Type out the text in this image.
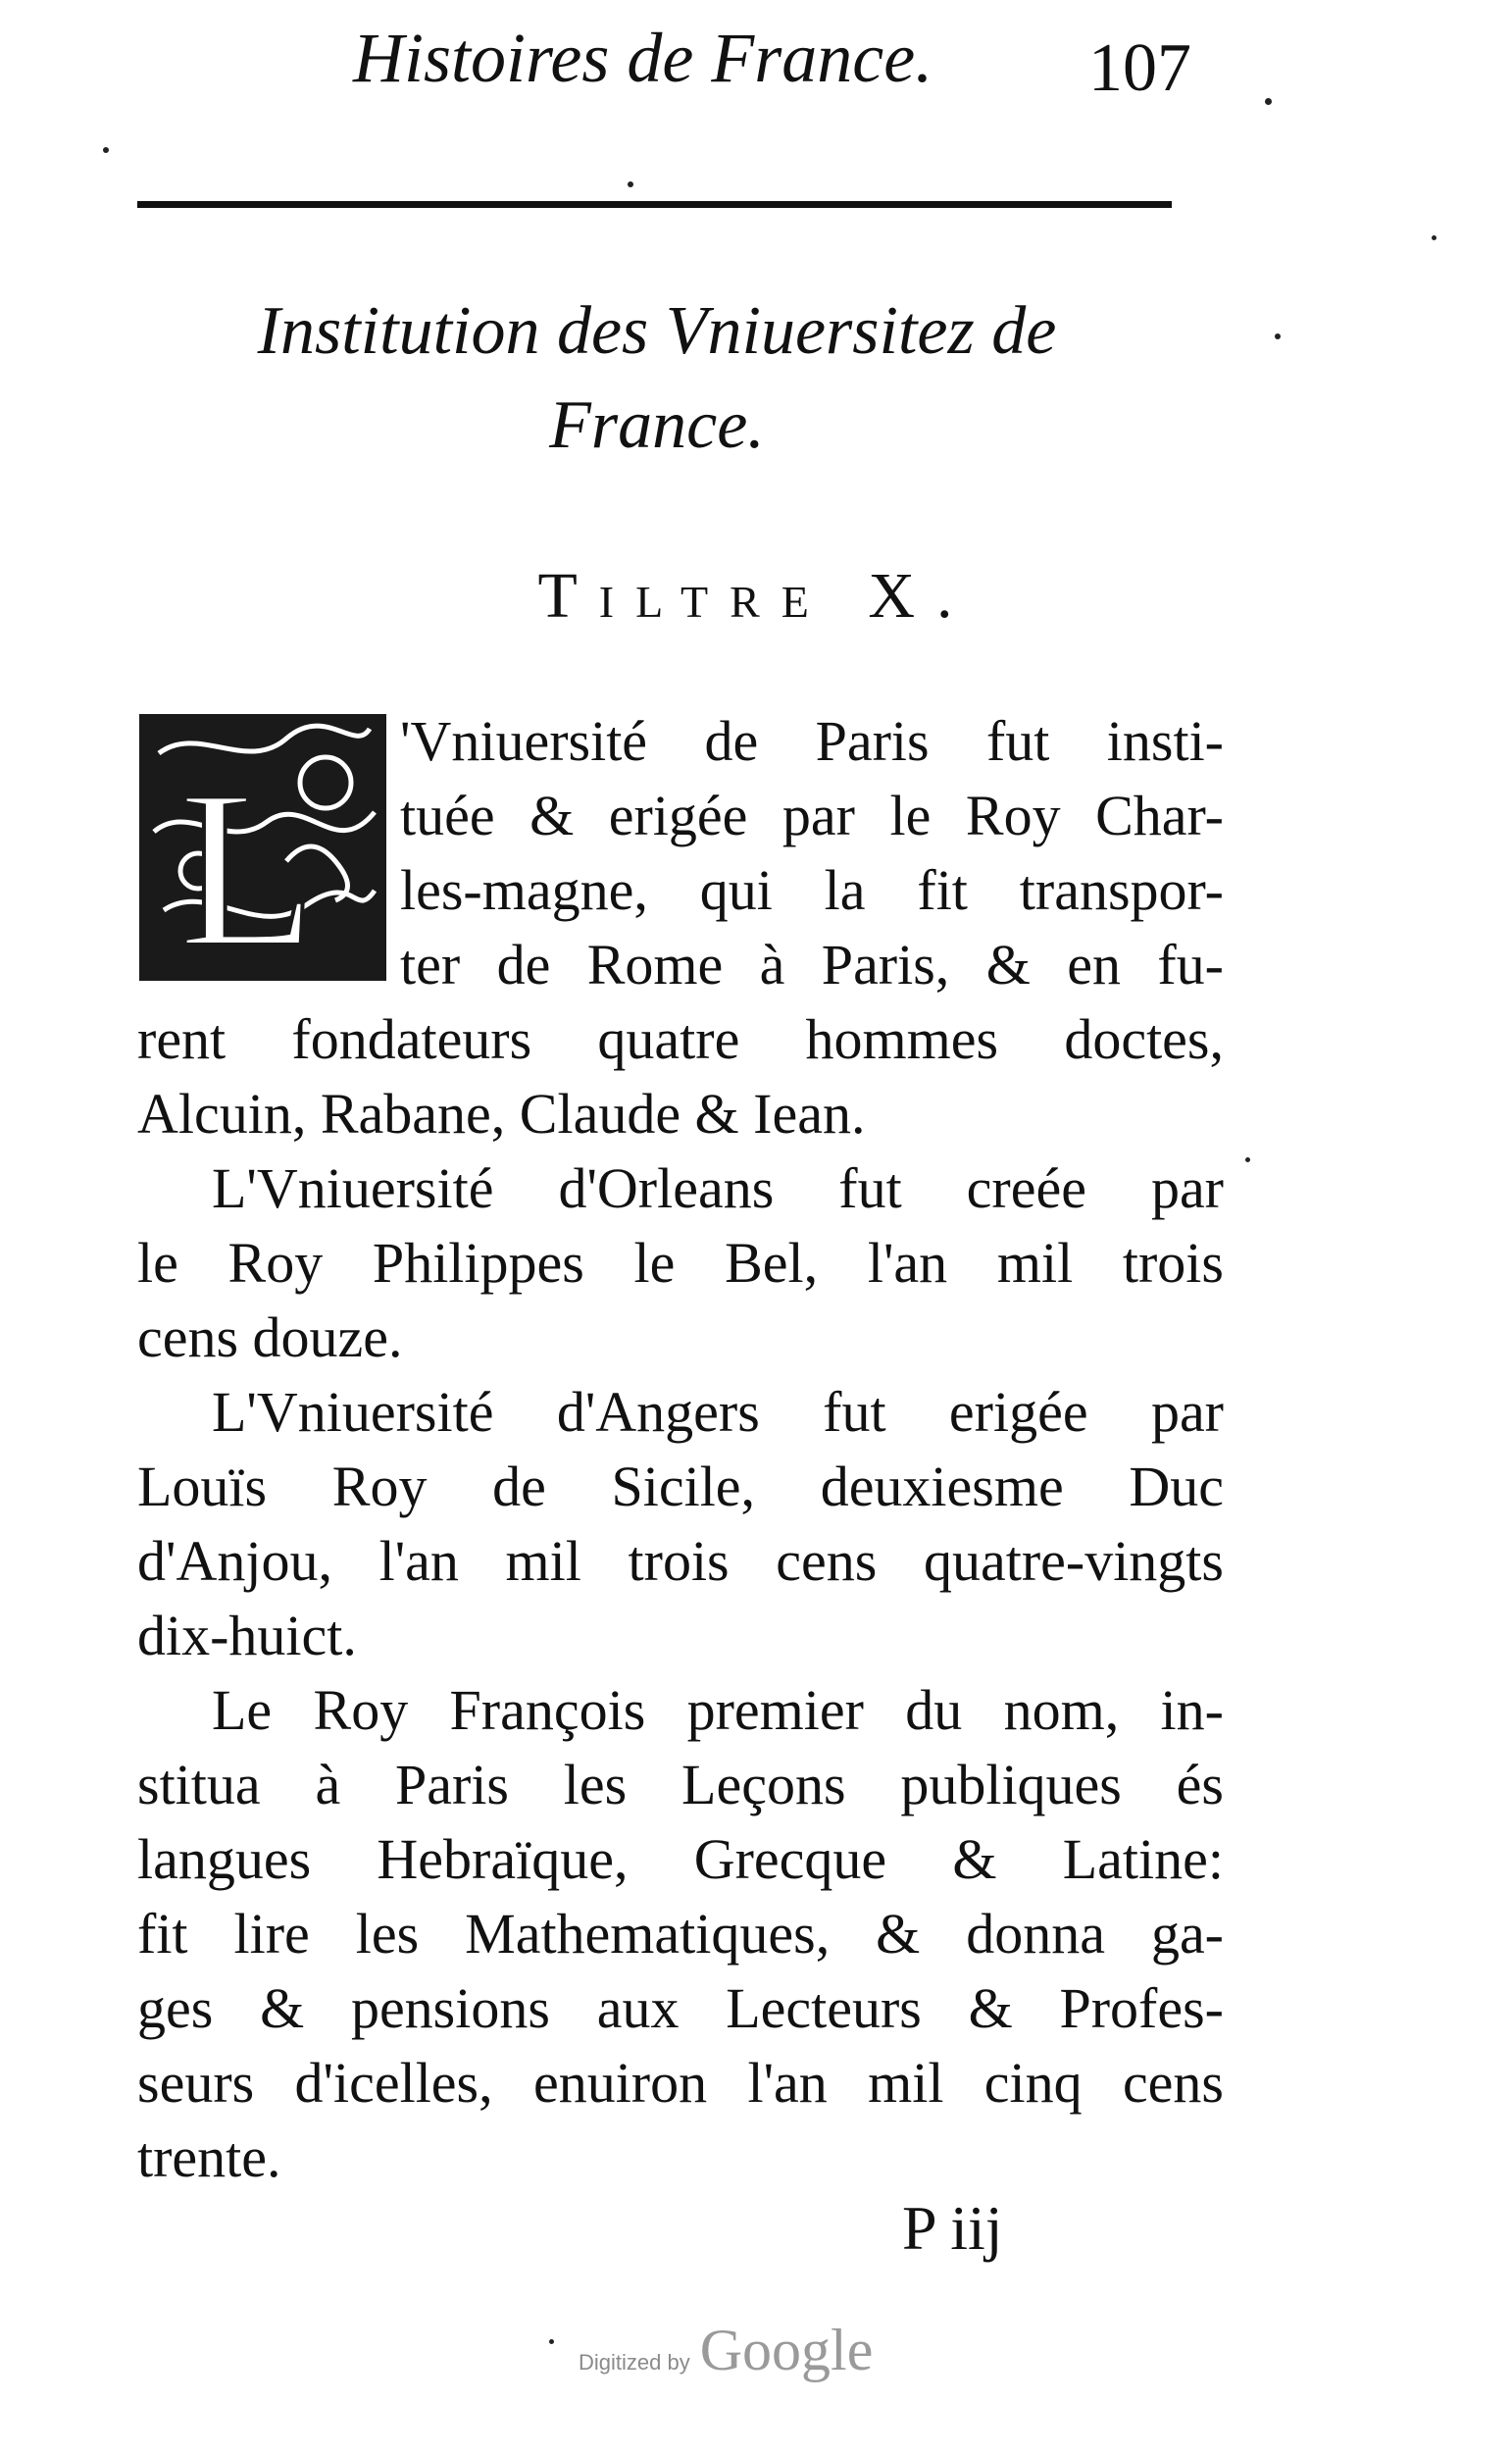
Histoires de France. 107
Institution des Vniuersitez de
France.
Tiltre X.
L
'Vniuersité de Paris fut insti-
tuée & erigée par le Roy Char-
les-magne, qui la fit transpor-
ter de Rome à Paris, & en fu-
rent fondateurs quatre hommes doctes,
Alcuin, Rabane, Claude & Iean.
L'Vniuersité d'Orleans fut creée par
le Roy Philippes le Bel, l'an mil trois
cens douze.
L'Vniuersité d'Angers fut erigée par
Louïs Roy de Sicile, deuxiesme Duc
d'Anjou, l'an mil trois cens quatre-vingts
dix-huict.
Le Roy François premier du nom, in-
stitua à Paris les Leçons publiques és
langues Hebraïque, Grecque & Latine:
fit lire les Mathematiques, & donna ga-
ges & pensions aux Lecteurs & Profes-
seurs d'icelles, enuiron l'an mil cinq cens
trente.
P iij
Digitized by Google
